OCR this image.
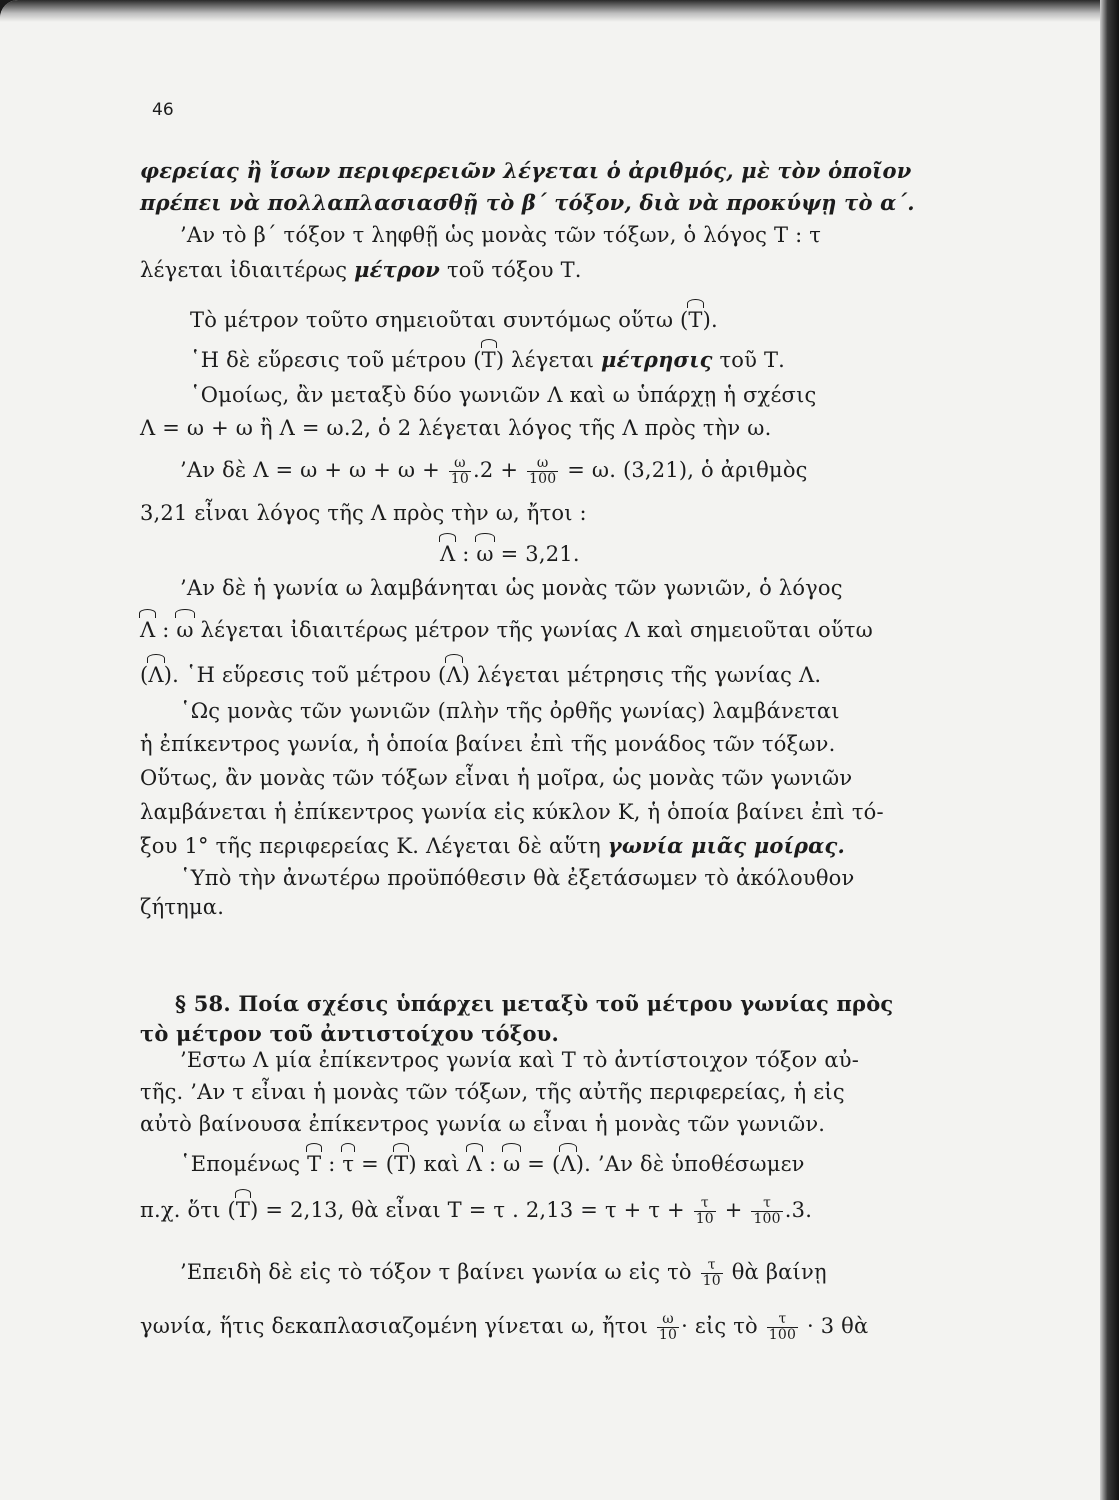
46
φερείας ἢ ἴσων περιφερειῶν λέγεται ὁ ἀριθμός, μὲ τὸν ὁποῖον
πρέπει νὰ πολλαπλασιασθῇ τὸ β΄ τόξον, διὰ νὰ προκύψῃ τὸ α΄.
’Αν τὸ β΄ τόξον τ ληφθῇ ὡς μονὰς τῶν τόξων, ὁ λόγος Τ : τ
λέγεται ἰδιαιτέρως μέτρον τοῦ τόξου Τ.
Τὸ μέτρον τοῦτο σημειοῦται συντόμως οὕτω (Τ).
῾Η δὲ εὕρεσις τοῦ μέτρου (Τ) λέγεται μέτρησις τοῦ Τ.
῾Ομοίως, ἂν μεταξὺ δύο γωνιῶν Λ καὶ ω ὑπάρχῃ ἡ σχέσις
Λ = ω + ω ἢ Λ = ω.2, ὁ 2 λέγεται λόγος τῆς Λ πρὸς τὴν ω.
’Αν δὲ $\Lambda = \omega + \omega + \omega + \frac{\omega}{10} .2 + \frac{\omega}{100} = \omega$. (3,21), ὁ ἀριθμὸς
3,21 εἶναι λόγος τῆς Λ πρὸς τὴν ω, ἤτοι :
Λ : ω = 3,21.
’Αν δὲ ἡ γωνία ω λαμβάνηται ὡς μονὰς τῶν γωνιῶν, ὁ λόγος
Λ : ω λέγεται ἰδιαιτέρως μέτρον τῆς γωνίας Λ καὶ σημειοῦται οὕτω
(Λ). ῾Η εὕρεσις τοῦ μέτρου (Λ) λέγεται μέτρησις τῆς γωνίας Λ.
῾Ως μονὰς τῶν γωνιῶν (πλὴν τῆς ὀρθῆς γωνίας) λαμβάνεται
ἡ ἐπίκεντρος γωνία, ἡ ὁποία βαίνει ἐπὶ τῆς μονάδος τῶν τόξων.
Οὕτως, ἂν μονὰς τῶν τόξων εἶναι ἡ μοῖρα, ὡς μονὰς τῶν γωνιῶν
λαμβάνεται ἡ ἐπίκεντρος γωνία εἰς κύκλον Κ, ἡ ὁποία βαίνει ἐπὶ τό-
ξου 1° τῆς περιφερείας Κ. Λέγεται δὲ αὕτη γωνία μιᾶς μοίρας.
῾Υπὸ τὴν ἀνωτέρω προϋπόθεσιν θὰ ἐξετάσωμεν τὸ ἀκόλουθον
ζήτημα.
§ 58. Ποία σχέσις ὑπάρχει μεταξὺ τοῦ μέτρου γωνίας πρὸς
τὸ μέτρον τοῦ ἀντιστοίχου τόξου.
’Εστω Λ μία ἐπίκεντρος γωνία καὶ Τ τὸ ἀντίστοιχον τόξον αὐ-
τῆς. ’Αν τ εἶναι ἡ μονὰς τῶν τόξων, τῆς αὐτῆς περιφερείας, ἡ εἰς
αὐτὸ βαίνουσα ἐπίκεντρος γωνία ω εἶναι ἡ μονὰς τῶν γωνιῶν.
῾Επομένως Τ : τ = (Τ) καὶ Λ : ω = (Λ). ’Αν δὲ ὑποθέσωμεν
π.χ. ὅτι (Τ) = 2,13, θὰ εἶναι Τ = τ . $2,13 = \tau + \tau + \frac{\tau}{10} + \frac{\tau}{100} .3$.
’Επειδὴ δὲ εἰς τὸ τόξον τ βαίνει γωνία ω εἰς τὸ $\frac{\tau}{10}$ θὰ βαίνῃ
γωνία, ἥτις δεκαπλασιαζομένη γίνεται ω, ἤτοι $\frac{\omega}{10}$ · εἰς τὸ $\frac{\tau}{100} \cdot 3$ θὰ
